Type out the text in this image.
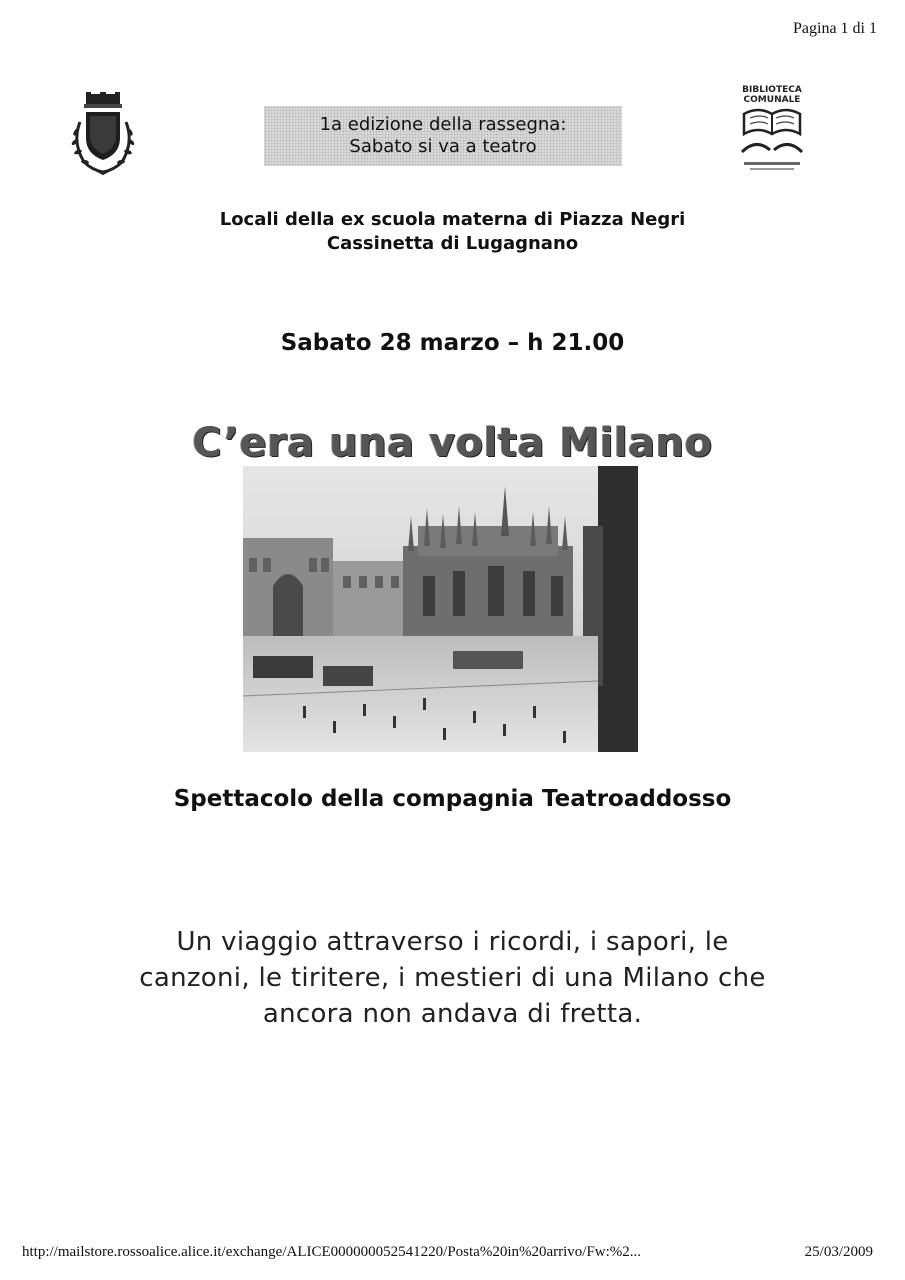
Pagina 1 di 1
1a edizione della rassegna:
Sabato si va a teatro
BIBLIOTECA
COMUNALE
Locali della ex scuola materna di Piazza Negri
Cassinetta di Lugagnano
Sabato 28 marzo – h 21.00
C’era una volta Milano
Spettacolo della compagnia Teatroaddosso
Un viaggio attraverso i ricordi, i sapori, le
canzoni, le tiritere, i mestieri di una Milano che
ancora non andava di fretta.
http://mailstore.rossoalice.alice.it/exchange/ALICE000000052541220/Posta%20in%20arrivo/Fw:%2...	25/03/2009
